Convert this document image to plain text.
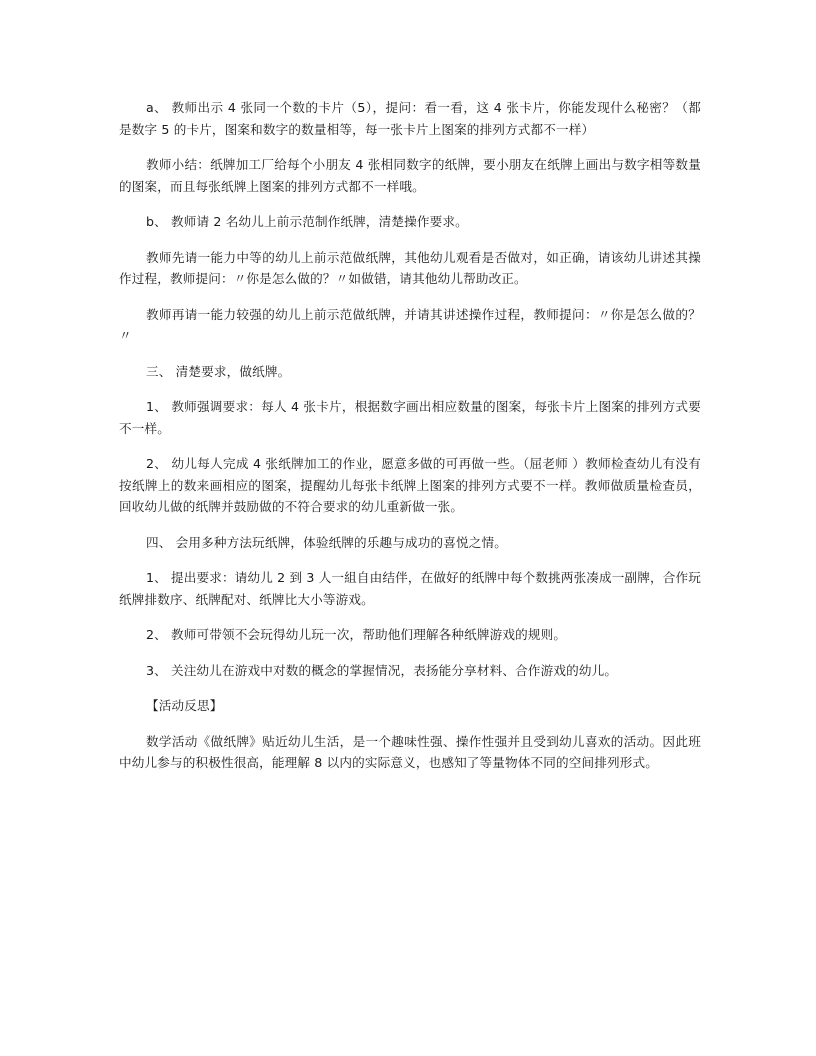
a、 教师出示 4 张同一个数的卡片（5），提问：看一看，这 4 张卡片，你能发现什么秘密？（都是数字 5 的卡片，图案和数字的数量相等，每一张卡片上图案的排列方式都不一样）

教师小结：纸牌加工厂给每个小朋友 4 张相同数字的纸牌，要小朋友在纸牌上画出与数字相等数量的图案，而且每张纸牌上图案的排列方式都不一样哦。

b、 教师请 2 名幼儿上前示范制作纸牌，清楚操作要求。

教师先请一能力中等的幼儿上前示范做纸牌，其他幼儿观看是否做对，如正确，请该幼儿讲述其操作过程，教师提问：〃你是怎么做的？〃如做错，请其他幼儿帮助改正。

教师再请一能力较强的幼儿上前示范做纸牌，并请其讲述操作过程，教师提问：〃你是怎么做的？〃

三、 清楚要求，做纸牌。

1、 教师强调要求：每人 4 张卡片，根据数字画出相应数量的图案，每张卡片上图案的排列方式要不一样。

2、 幼儿每人完成 4 张纸牌加工的作业，愿意多做的可再做一些。（屈老师 ）教师检查幼儿有没有按纸牌上的数来画相应的图案，提醒幼儿每张卡纸牌上图案的排列方式要不一样。教师做质量检查员，回收幼儿做的纸牌并鼓励做的不符合要求的幼儿重新做一张。

四、 会用多种方法玩纸牌，体验纸牌的乐趣与成功的喜悦之情。

1、 提出要求：请幼儿 2 到 3 人一組自由结伴，在做好的纸牌中每个数挑两张凑成一副牌，合作玩纸牌排数序、纸牌配对、纸牌比大小等游戏。

2、 教师可带领不会玩得幼儿玩一次，帮助他们理解各种纸牌游戏的规则。

3、 关注幼儿在游戏中对数的概念的掌握情况，表扬能分享材料、合作游戏的幼儿。

【活动反思】

数学活动《做纸牌》贴近幼儿生活，是一个趣味性强、操作性强并且受到幼儿喜欢的活动。因此班中幼儿参与的积极性很高，能理解 8 以内的实际意义，也感知了等量物体不同的空间排列形式。
